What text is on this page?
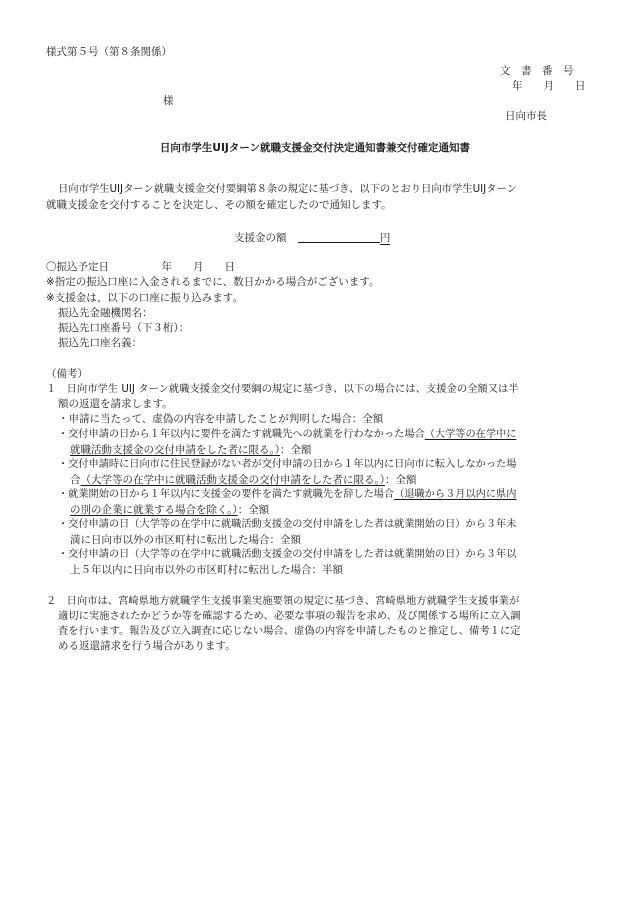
様式第５号（第８条関係）
文　書　番　号
年　　月　　日
様
日向市長
日向市学生UIJターン就職支援金交付決定通知書兼交付確定通知書
日向市学生UIJターン就職支援金交付要綱第８条の規定に基づき、以下のとおり日向市学生UIJターン
就職支援金を交付することを決定し、その額を確定したので通知します。
支援金の額	円
〇振込予定日　　　　　年　　月　　日
※指定の振込口座に入金されるまでに、数日かかる場合がございます。
※支援金は、以下の口座に振り込みます。
振込先金融機関名：
振込先口座番号（下３桁）：
振込先口座名義：
（備考）
１　日向市学生 UIJ ターン就職支援金交付要綱の規定に基づき、以下の場合には、支援金の全額又は半
額の返還を請求します。
・申請に当たって、虚偽の内容を申請したことが判明した場合：全額
・交付申請の日から１年以内に要件を満たす就職先への就業を行わなかった場合（大学等の在学中に
就職活動支援金の交付申請をした者に限る。）：全額
・交付申請時に日向市に住民登録がない者が交付申請の日から１年以内に日向市に転入しなかった場
合（大学等の在学中に就職活動支援金の交付申請をした者に限る。）：全額
・就業開始の日から１年以内に支援金の要件を満たす就職先を辞した場合（退職から３月以内に県内
の別の企業に就業する場合を除く。）：全額
・交付申請の日（大学等の在学中に就職活動支援金の交付申請をした者は就業開始の日）から３年未
満に日向市以外の市区町村に転出した場合：全額
・交付申請の日（大学等の在学中に就職活動支援金の交付申請をした者は就業開始の日）から３年以
上５年以内に日向市以外の市区町村に転出した場合：半額
２　日向市は、宮崎県地方就職学生支援事業実施要領の規定に基づき、宮崎県地方就職学生支援事業が
適切に実施されたかどうか等を確認するため、必要な事項の報告を求め、及び関係する場所に立入調
査を行います。報告及び立入調査に応じない場合、虚偽の内容を申請したものと推定し、備考１に定
める返還請求を行う場合があります。
